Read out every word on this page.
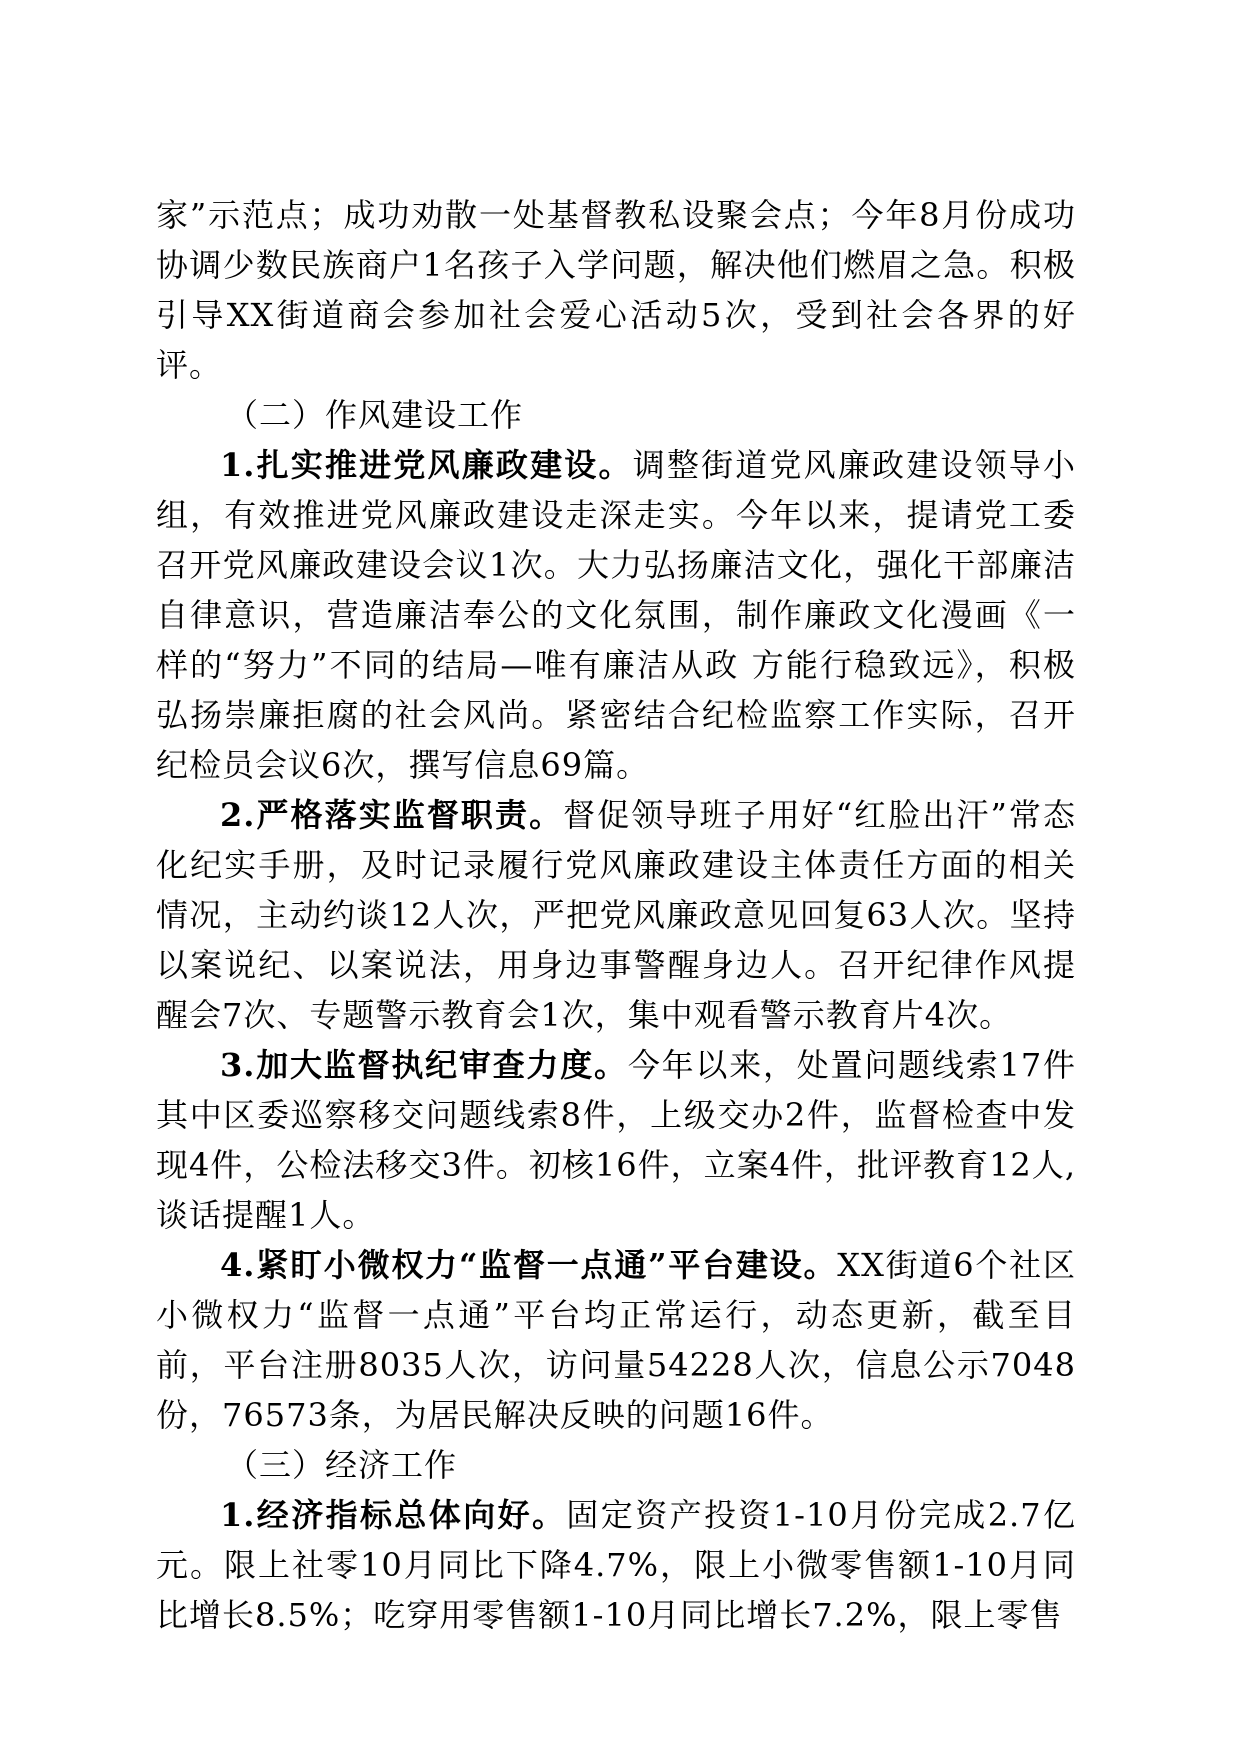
家”示范点；成功劝散一处基督教私设聚会点；今年8月份成功协调少数民族商户1名孩子入学问题，解决他们燃眉之急。积极引导XX街道商会参加社会爱心活动5次，受到社会各界的好评。

（二）作风建设工作

1.扎实推进党风廉政建设。调整街道党风廉政建设领导小组，有效推进党风廉政建设走深走实。今年以来，提请党工委召开党风廉政建设会议1次。大力弘扬廉洁文化，强化干部廉洁自律意识，营造廉洁奉公的文化氛围，制作廉政文化漫画《一样的“努力”不同的结局—唯有廉洁从政 方能行稳致远》，积极弘扬崇廉拒腐的社会风尚。紧密结合纪检监察工作实际，召开纪检员会议6次，撰写信息69篇。

2.严格落实监督职责。督促领导班子用好“红脸出汗”常态化纪实手册，及时记录履行党风廉政建设主体责任方面的相关情况，主动约谈12人次，严把党风廉政意见回复63人次。坚持以案说纪、以案说法，用身边事警醒身边人。召开纪律作风提醒会7次、专题警示教育会1次，集中观看警示教育片4次。

3.加大监督执纪审查力度。今年以来，处置问题线索17件其中区委巡察移交问题线索8件，上级交办2件，监督检查中发现4件，公检法移交3件。初核16件，立案4件，批评教育12人,谈话提醒1人。

4.紧盯小微权力“监督一点通”平台建设。XX街道6个社区小微权力“监督一点通”平台均正常运行，动态更新，截至目前，平台注册8035人次，访问量54228人次，信息公示7048份，76573条，为居民解决反映的问题16件。

（三）经济工作

1.经济指标总体向好。固定资产投资1-10月份完成2.7亿元。限上社零10月同比下降4.7%，限上小微零售额1-10月同比增长8.5%；吃穿用零售额1-10月同比增长7.2%，限上零售
